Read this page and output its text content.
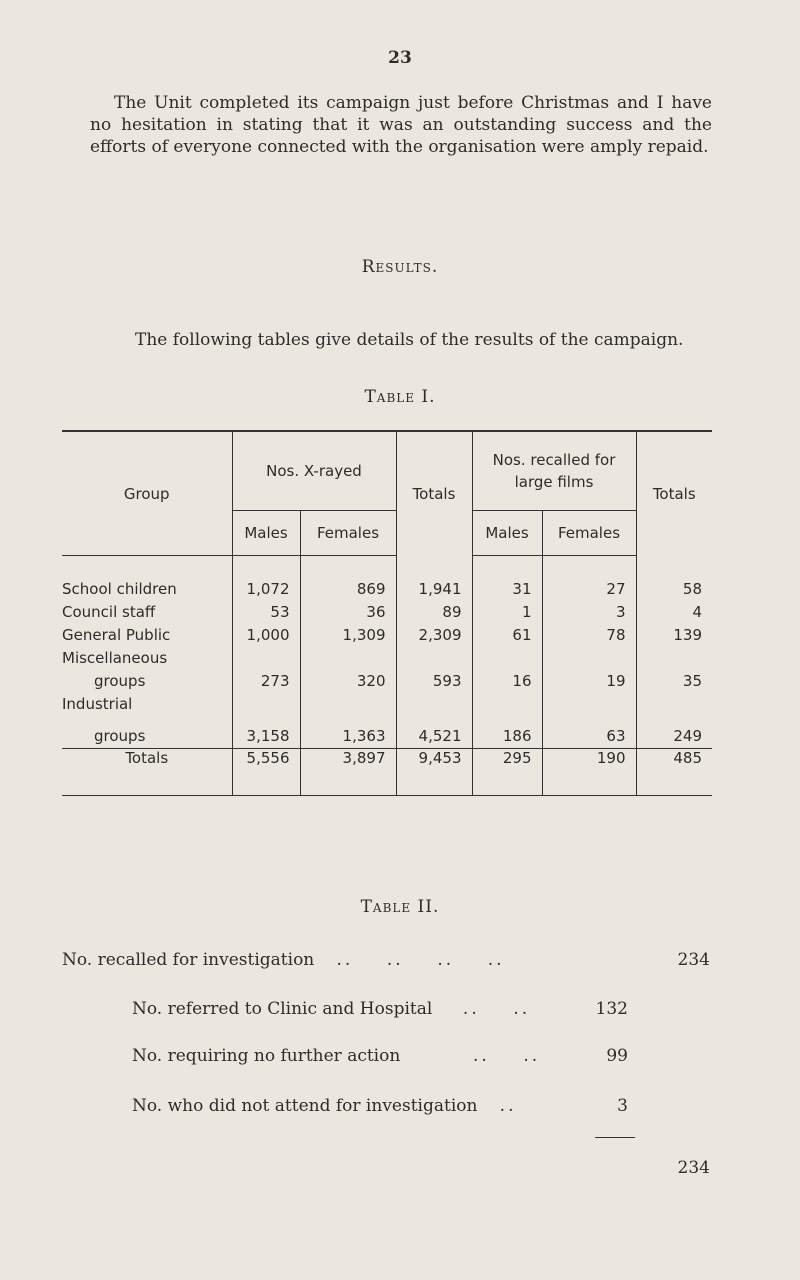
23

The Unit completed its campaign just before Christmas and I have no hesitation in stating that it was an outstanding success and the efforts of everyone connected with the organisation were amply repaid.

Results.
The following tables give details of the results of the campaign.
Table I.
Group	Nos. X-rayed		Totals	Nos. recalled for large films		Totals
	Males	Females		Males	Females	
School children	1,072	869	1,941	31	27	58
Council staff	53	36	89	1	3	4
General Public	1,000	1,309	2,309	61	78	139
Miscellaneous						
groups	273	320	593	16	19	35
Industrial						
groups	3,158	1,363	4,521	186	63	249
Totals	5,556	3,897	9,453	295	190	485
Table II.
No. recalled for investigation   ..    ..    ..    ..	234
No. referred to Clinic and Hospital    ..    ..	132
No. requiring no further action         ..    ..	99
No. who did not attend for investigation   ..	3
234
